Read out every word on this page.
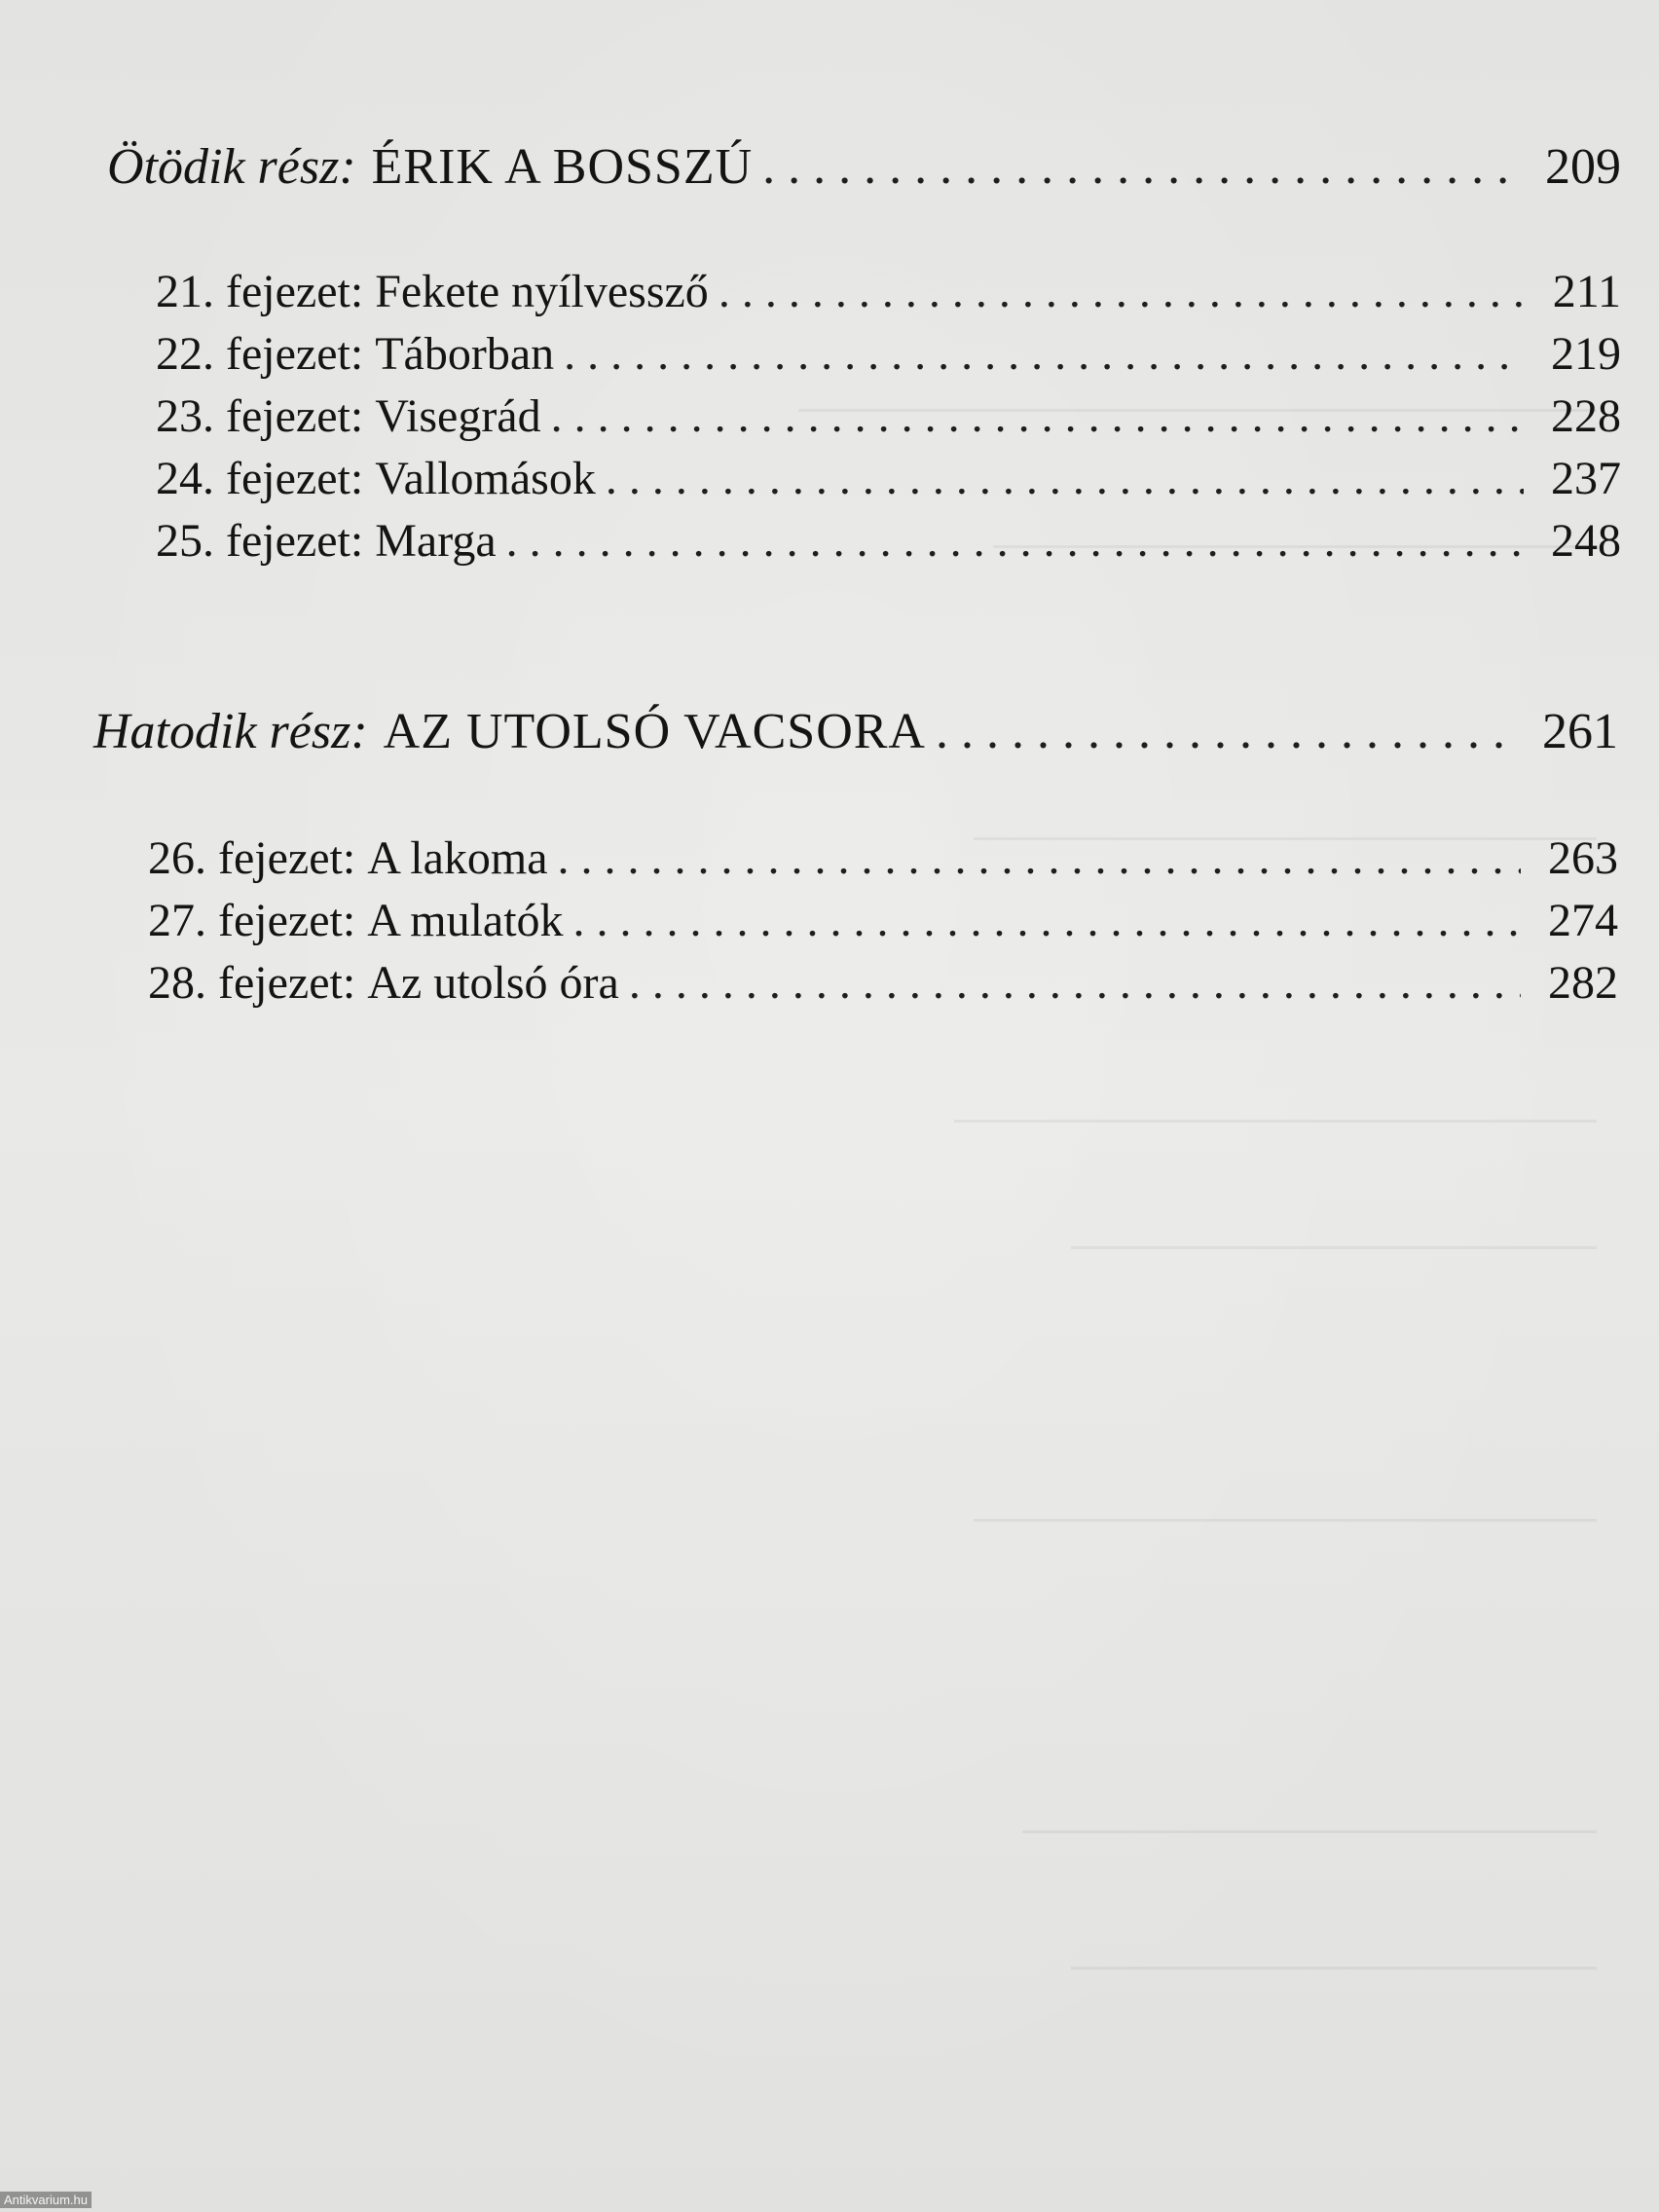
Ötödik rész: ÉRIK A BOSSZÚ . . .	209
21. fejezet: Fekete nyílvessző . . .	211
22. fejezet: Táborban . . .	219
23. fejezet: Visegrád . . .	228
24. fejezet: Vallomások . . .	237
25. fejezet: Marga . . .	248
Hatodik rész: AZ UTOLSÓ VACSORA . . .	261
26. fejezet: A lakoma . . .	263
27. fejezet: A mulatók . . .	274
28. fejezet: Az utolsó óra . . .	282
Antikvarium.hu
